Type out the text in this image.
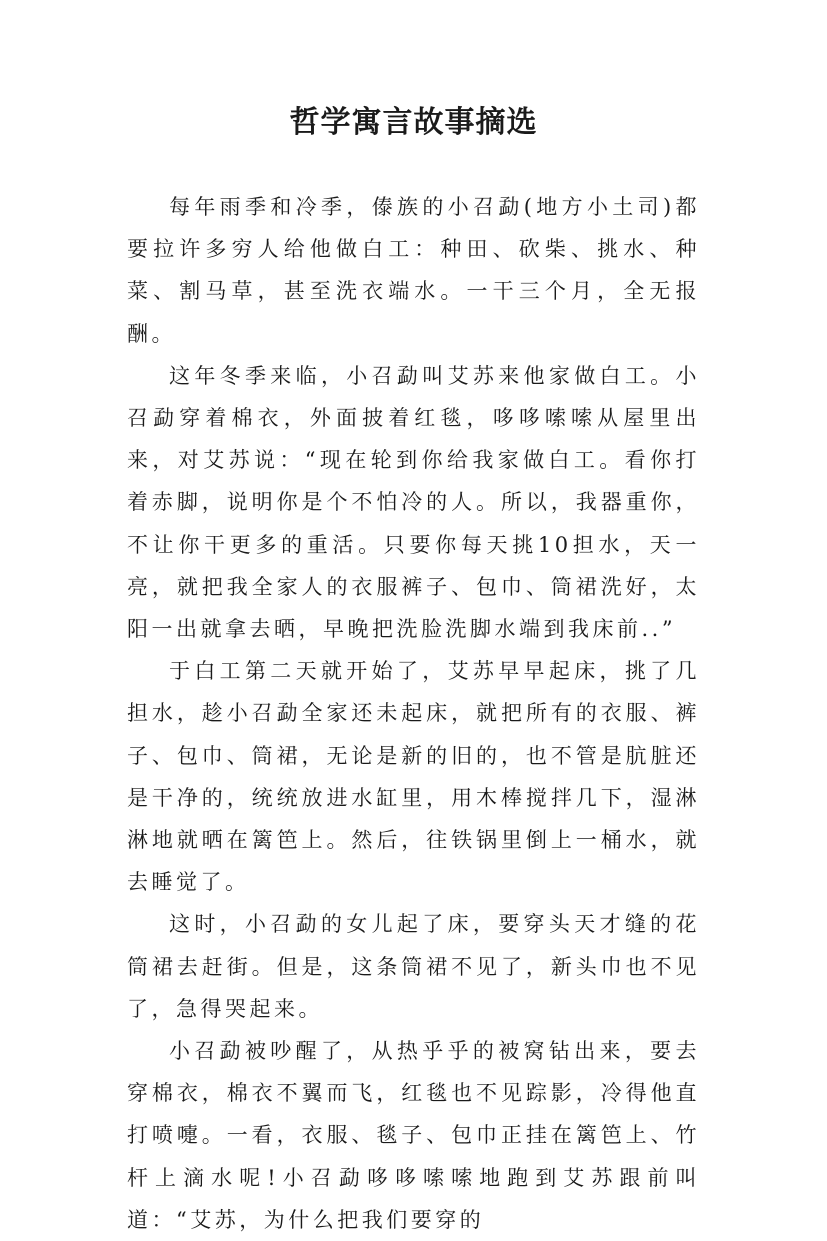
哲学寓言故事摘选

每年雨季和冷季，傣族的小召勐(地方小土司)都要拉许多穷人给他做白工：种田、砍柴、挑水、种菜、割马草，甚至洗衣端水。一干三个月，全无报酬。

这年冬季来临，小召勐叫艾苏来他家做白工。小召勐穿着棉衣，外面披着红毯，哆哆嗦嗦从屋里出来，对艾苏说：“现在轮到你给我家做白工。看你打着赤脚，说明你是个不怕冷的人。所以，我器重你，不让你干更多的重活。只要你每天挑10担水，天一亮，就把我全家人的衣服裤子、包巾、筒裙洗好，太阳一出就拿去晒，早晚把洗脸洗脚水端到我床前..”

于白工第二天就开始了，艾苏早早起床，挑了几担水，趁小召勐全家还未起床，就把所有的衣服、裤子、包巾、筒裙，无论是新的旧的，也不管是肮脏还是干净的，统统放进水缸里，用木棒搅拌几下，湿淋淋地就晒在篱笆上。然后，往铁锅里倒上一桶水，就去睡觉了。

这时，小召勐的女儿起了床，要穿头天才缝的花筒裙去赶街。但是，这条筒裙不见了，新头巾也不见了，急得哭起来。

小召勐被吵醒了，从热乎乎的被窝钻出来，要去穿棉衣，棉衣不翼而飞，红毯也不见踪影，冷得他直打喷嚏。一看，衣服、毯子、包巾正挂在篱笆上、竹杆上滴水呢!小召勐哆哆嗦嗦地跑到艾苏跟前叫道：“艾苏，为什么把我们要穿的
